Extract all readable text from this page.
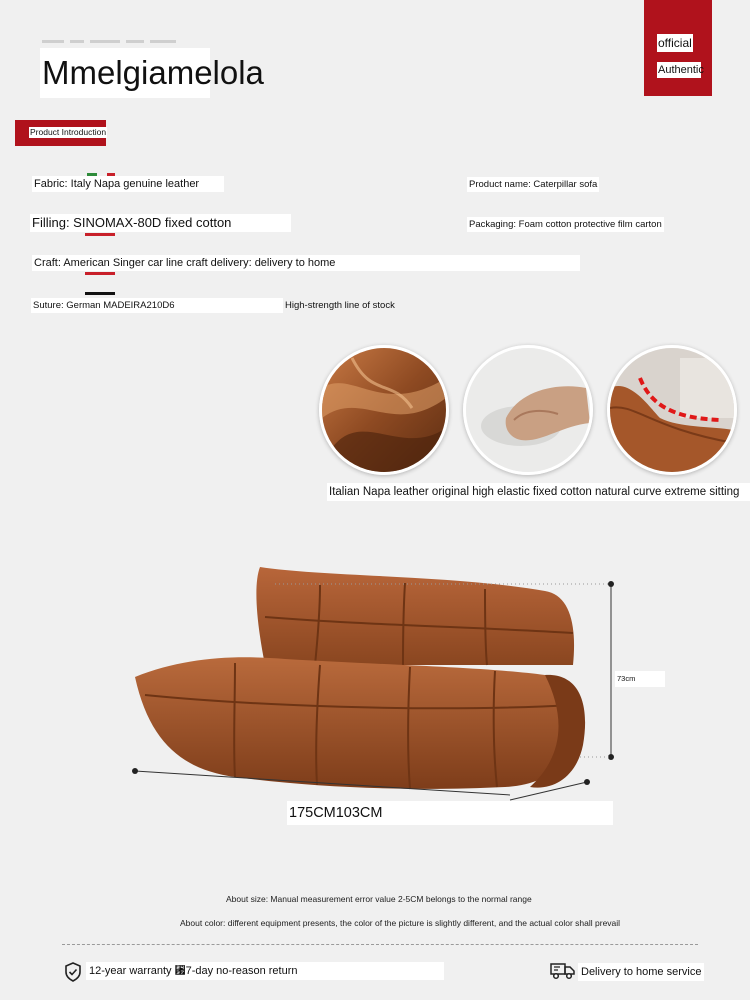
Mmelgiamelola
official
Authentic
Product Introduction
Fabric: Italy Napa genuine leather	Product name: Caterpillar sofa
Filling: SINOMAX-80D fixed cotton	Packaging: Foam cotton protective film carton
Craft: American Singer car line craft delivery: delivery to home
Suture: German MADEIRA210D6	High-strength line of stock
Italian Napa leather original high elastic fixed cotton natural curve extreme sitting
73cm
175CM103CM
About size: Manual measurement error value 2-5CM belongs to the normal range
About color: different equipment presents, the color of the picture is slightly different, and the actual color shall prevail
12-year warranty ␷7-day no-reason return	Delivery to home service
